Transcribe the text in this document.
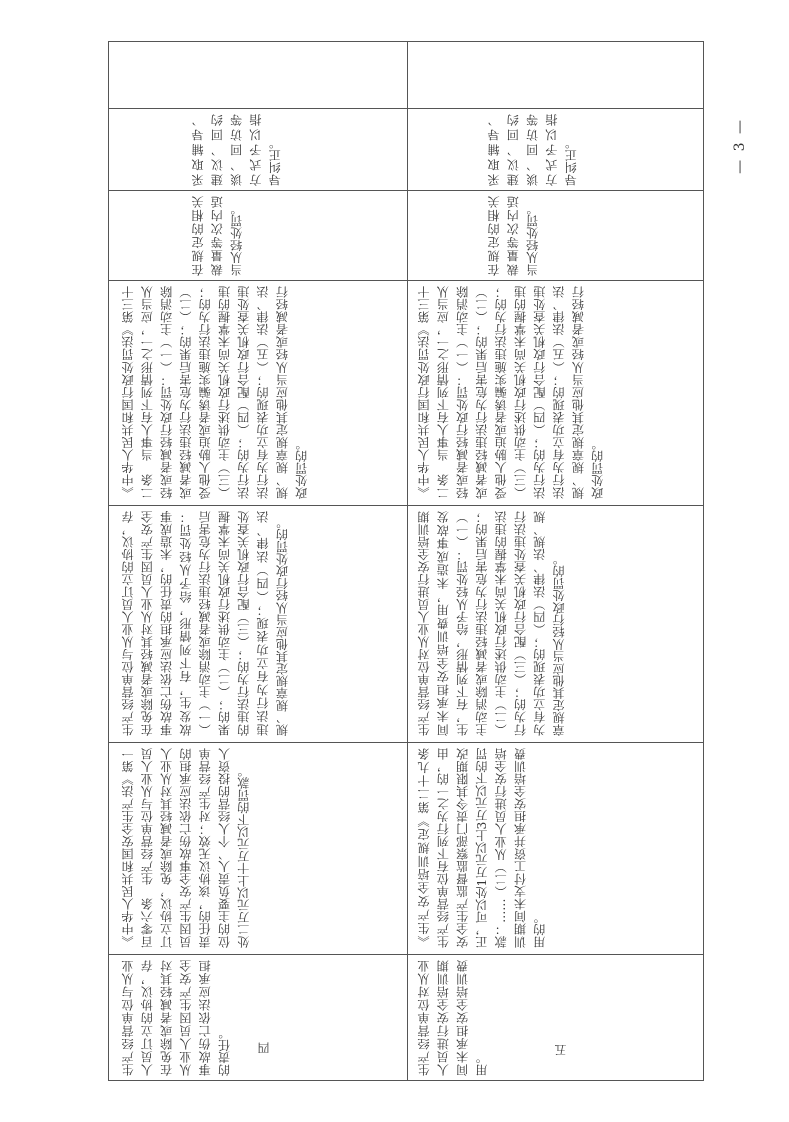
四
生产经营单位与从业人员订立的协议，存在免除或者减轻其对从业人员因生产安全事故伤亡依法应承担的责任。
《中华人民共和国安全生产法》第一百零六条　生产经营单位与从业人员订立协议，免除或者减轻其对从业人员因生产安全事故伤亡依法应承担的责任的，该协议无效；对生产经营单位的主要负责人、个人经营的投资人处二万元以上十万元以下的罚款。
生产经营单位与从业人员订立的协议，存在免除或者减轻其对从业人员因生产安全事故伤亡依法应承担的责任的，未造成事故发生，有下列情形，给予从轻处罚：（一）主动消除或者减轻违法行为危害后果的；（二）主动供述行政机关尚未掌握的违法行为的；（三）配合行政机关查处违法行为有立功表现；（四）法律、法规、规章规定其他应当从轻行政处罚的。
《中华人民共和国行政处罚法》第三十二条　当事人有下列情形之一，应当从轻或者减轻行政处罚：（一）主动消除或者减轻违法行为危害后果的；（二）受他人胁迫或者诱骗实施违法行为的；（三）主动供述行政机关尚未掌握的违法行为的；（四）配合行政机关查处违法行为有立功表现的；（五）法律、法规、规章规定其他应当从轻或者减轻行政处罚的。
在规定的相关裁量等次内适当从轻处罚。
采取辅导、建议、回约谈、回访等方式予以指导纠正。
五
生产经营单位对从业人员进行安全培训期间未承担安全培训费用。
《生产安全培训规定》第二十九条　生产经营单位有下列行为之一的，由安全生产监督监察部门责令其限期改正，可以处1万元以上3万元以下的罚款：……（二）从业人员进行安全培训期间未支付工资并承担安全培训费用的。
生产经营单位对从业人员进行安全培训期间未承担安全培训费用，未造成事故发生，有下列情形，给予从轻处罚：（一）主动消除或者减轻违法行为危害后果的；（二）主动供述行政机关尚未掌握的违法行为的；（三）配合行政机关查处违法行为有立功表现的；（四）法律、法规、规章规定其他应当从轻行政处罚的。
《中华人民共和国行政处罚法》第三十二条　当事人有下列情形之一，应当从轻或者减轻行政处罚：（一）主动消除或者减轻违法行为危害后果的；（二）受他人胁迫或者诱骗实施违法行为的；（三）主动供述行政机关尚未掌握的违法行为的；（四）配合行政机关查处违法行为有立功表现的；（五）法律、法规、规章规定其他应当从轻或者减轻行政处罚的。
在规定的相关裁量等次内适当从轻处罚。
采取辅导、建议、回约谈、回访等方式予以指导纠正。	— 3 —
